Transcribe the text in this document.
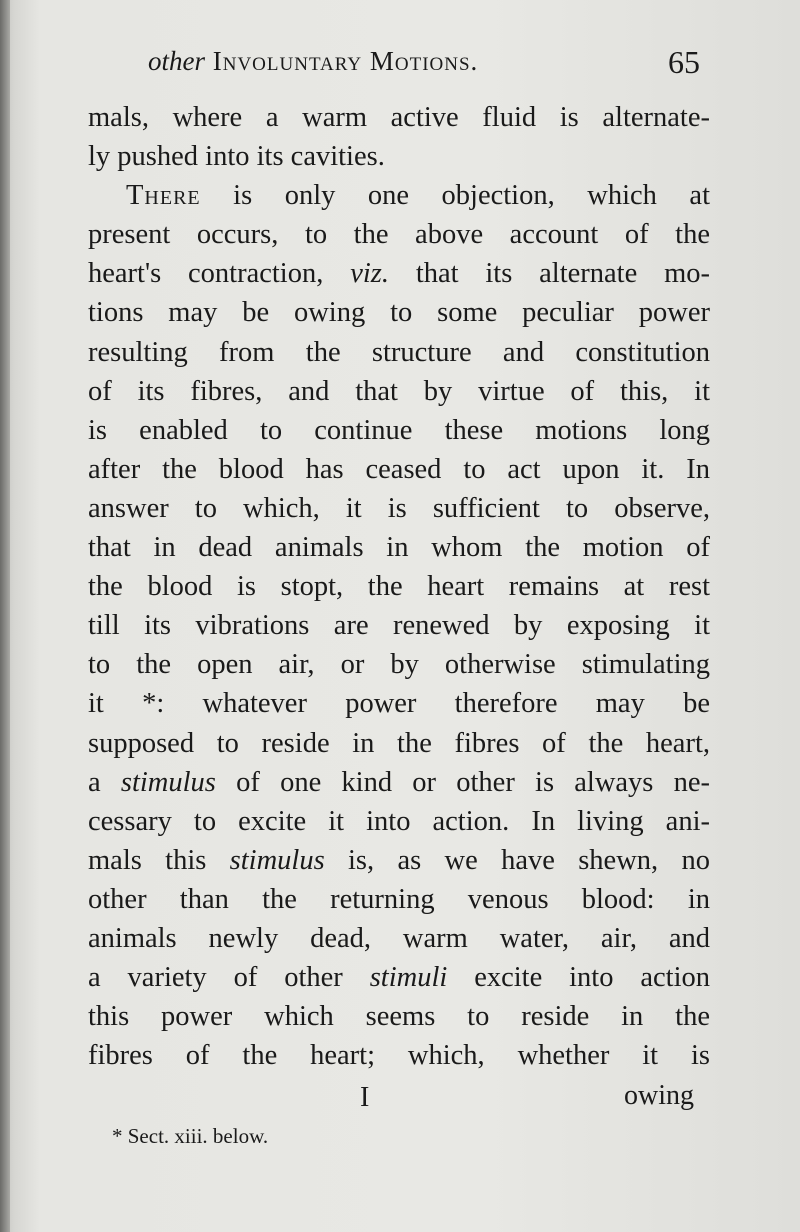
other Involuntary Motions.	65
mals, where a warm active fluid is alternate-
ly pushed into its cavities.
There is only one objection, which at
present occurs, to the above account of the
heart's contraction, viz. that its alternate mo-
tions may be owing to some peculiar power
resulting from the structure and constitution
of its fibres, and that by virtue of this, it
is enabled to continue these motions long
after the blood has ceased to act upon it. In
answer to which, it is sufficient to observe,
that in dead animals in whom the motion of
the blood is stopt, the heart remains at rest
till its vibrations are renewed by exposing it
to the open air, or by otherwise stimulating
it *: whatever power therefore may be
supposed to reside in the fibres of the heart,
a stimulus of one kind or other is always ne-
cessary to excite it into action. In living ani-
mals this stimulus is, as we have shewn, no
other than the returning venous blood: in
animals newly dead, warm water, air, and
a variety of other stimuli excite into action
this power which seems to reside in the
fibres of the heart; which, whether it is
I	owing
* Sect. xiii. below.
